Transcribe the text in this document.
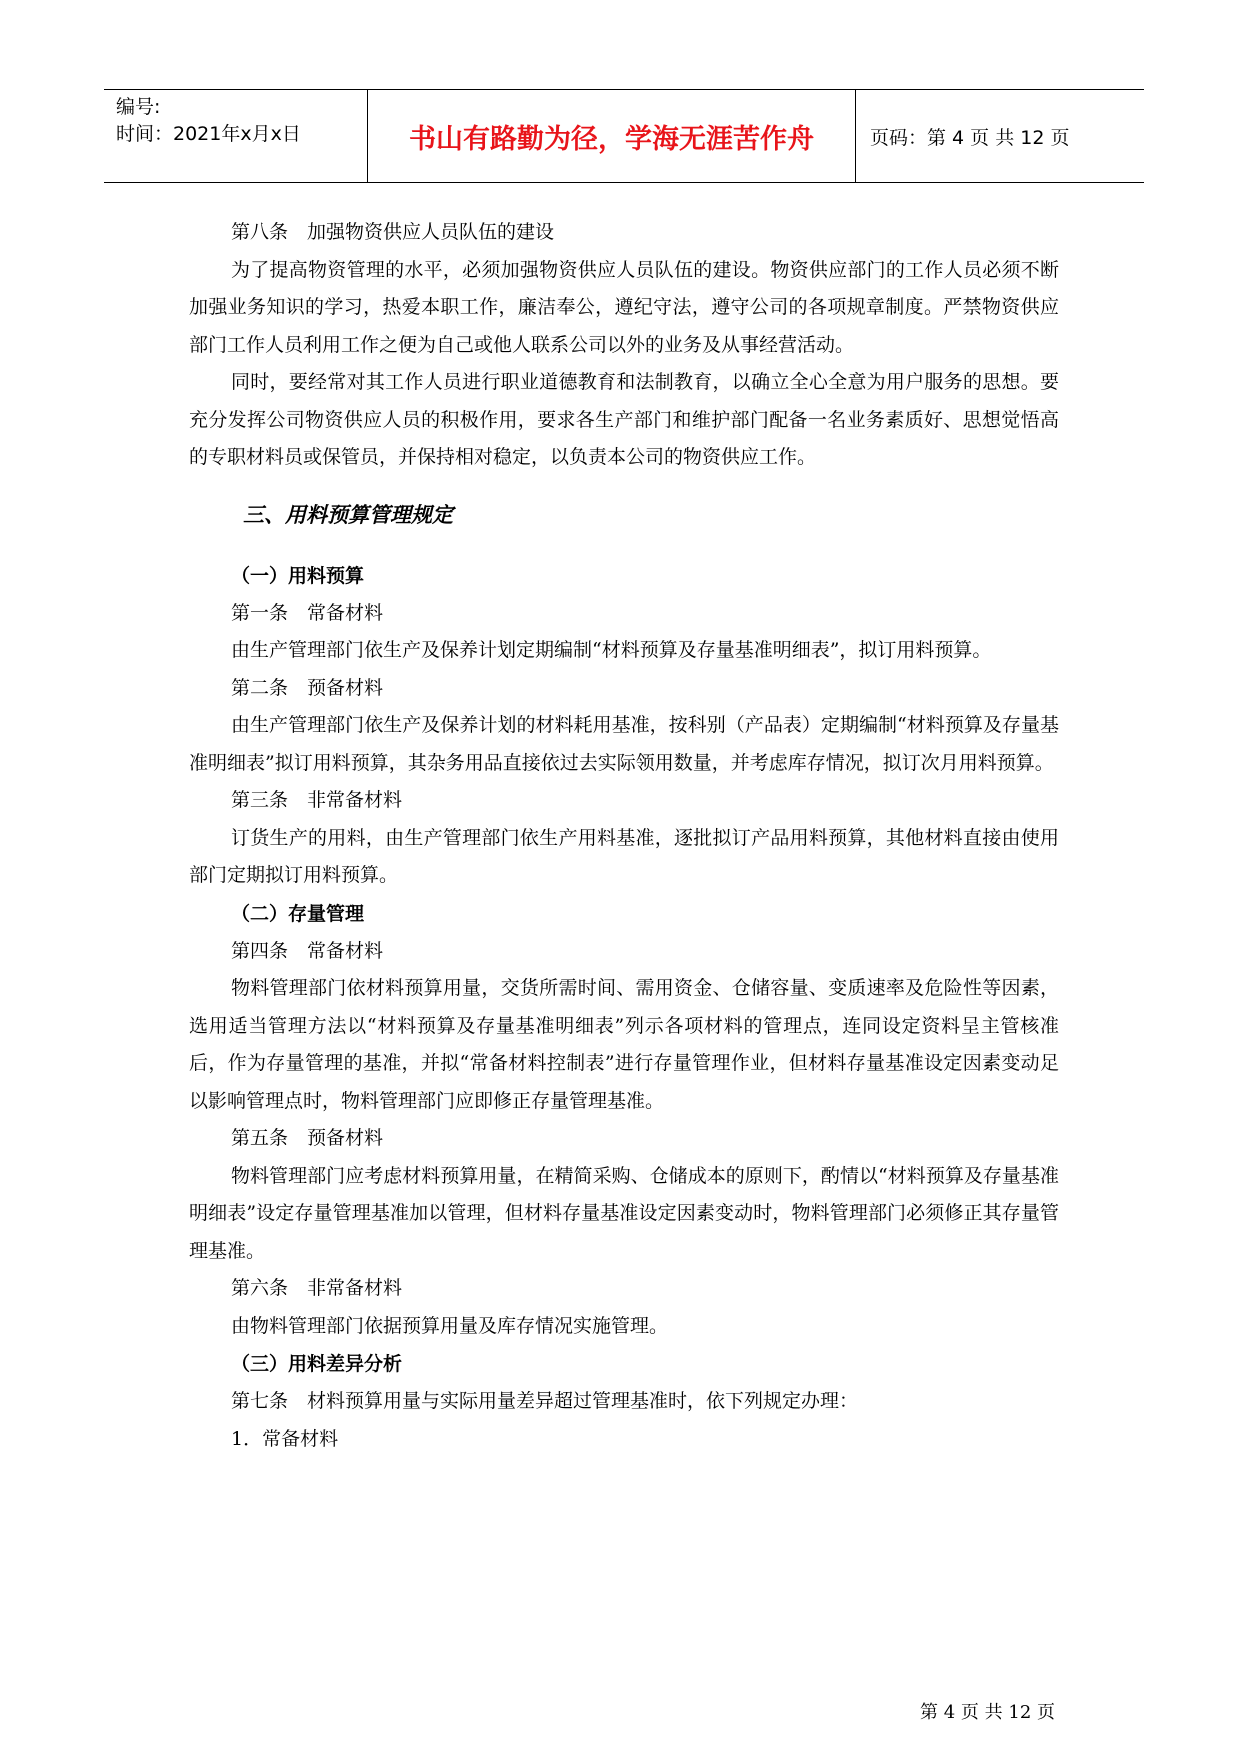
编号:
时间：2021年x月x日	书山有路勤为径，学海无涯苦作舟	页码：第 4 页 共 12 页

第八条　加强物资供应人员队伍的建设

为了提高物资管理的水平，必须加强物资供应人员队伍的建设。物资供应部门的工作人员必须不断加强业务知识的学习，热爱本职工作，廉洁奉公，遵纪守法，遵守公司的各项规章制度。严禁物资供应部门工作人员利用工作之便为自己或他人联系公司以外的业务及从事经营活动。

同时，要经常对其工作人员进行职业道德教育和法制教育，以确立全心全意为用户服务的思想。要充分发挥公司物资供应人员的积极作用，要求各生产部门和维护部门配备一名业务素质好、思想觉悟高的专职材料员或保管员，并保持相对稳定，以负责本公司的物资供应工作。

三、用料预算管理规定

（一）用料预算

第一条　常备材料

由生产管理部门依生产及保养计划定期编制“材料预算及存量基准明细表”，拟订用料预算。

第二条　预备材料

由生产管理部门依生产及保养计划的材料耗用基准，按科别（产品表）定期编制“材料预算及存量基准明细表”拟订用料预算，其杂务用品直接依过去实际领用数量，并考虑库存情况，拟订次月用料预算。

第三条　非常备材料

订货生产的用料，由生产管理部门依生产用料基准，逐批拟订产品用料预算，其他材料直接由使用部门定期拟订用料预算。

（二）存量管理

第四条　常备材料

物料管理部门依材料预算用量，交货所需时间、需用资金、仓储容量、变质速率及危险性等因素，选用适当管理方法以“材料预算及存量基准明细表”列示各项材料的管理点，连同设定资料呈主管核准后，作为存量管理的基准，并拟“常备材料控制表”进行存量管理作业，但材料存量基准设定因素变动足以影响管理点时，物料管理部门应即修正存量管理基准。

第五条　预备材料

物料管理部门应考虑材料预算用量，在精简采购、仓储成本的原则下，酌情以“材料预算及存量基准明细表”设定存量管理基准加以管理，但材料存量基准设定因素变动时，物料管理部门必须修正其存量管理基准。

第六条　非常备材料

由物料管理部门依据预算用量及库存情况实施管理。

（三）用料差异分析

第七条　材料预算用量与实际用量差异超过管理基准时，依下列规定办理：

1．常备材料

第 4 页 共 12 页
